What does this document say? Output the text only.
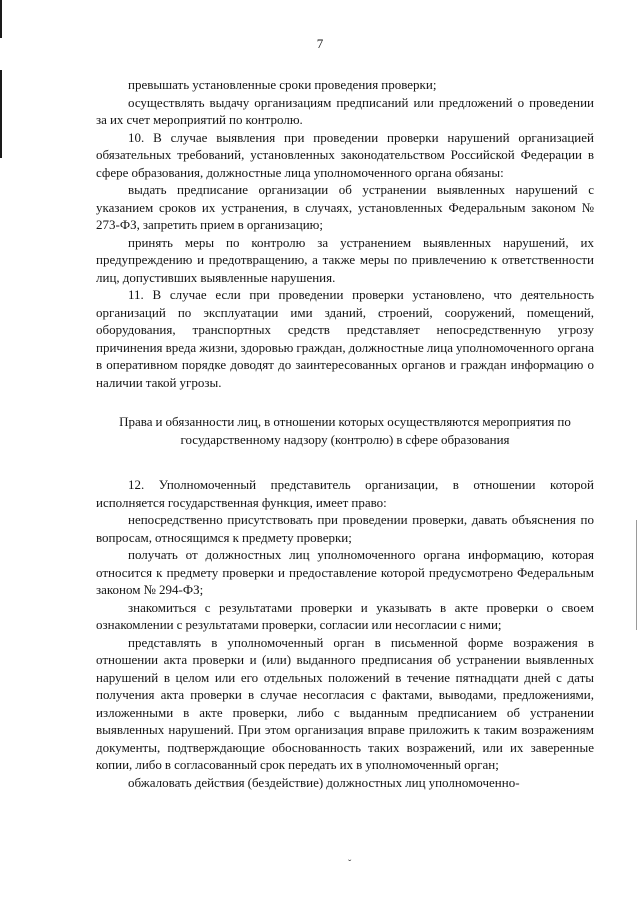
7

превышать установленные сроки проведения проверки;

осуществлять выдачу организациям предписаний или предложений о проведении за их счет мероприятий по контролю.

10. В случае выявления при проведении проверки нарушений организацией обязательных требований, установленных законодательством Российской Федерации в сфере образования, должностные лица уполномоченного органа обязаны:

выдать предписание организации об устранении выявленных нарушений с указанием сроков их устранения, в случаях, установленных Федеральным законом № 273-ФЗ, запретить прием в организацию;

принять меры по контролю за устранением выявленных нарушений, их предупреждению и предотвращению, а также меры по привлечению к ответственности лиц, допустивших выявленные нарушения.

11. В случае если при проведении проверки установлено, что деятельность организаций по эксплуатации ими зданий, строений, сооружений, помещений, оборудования, транспортных средств представляет непосредственную угрозу причинения вреда жизни, здоровью граждан, должностные лица уполномоченного органа в оперативном порядке доводят до заинтересованных органов и граждан информацию о наличии такой угрозы.

Права и обязанности лиц, в отношении которых осуществляются мероприятия по государственному надзору (контролю) в сфере образования

12. Уполномоченный представитель организации, в отношении которой исполняется государственная функция, имеет право:

непосредственно присутствовать при проведении проверки, давать объяснения по вопросам, относящимся к предмету проверки;

получать от должностных лиц уполномоченного органа информацию, которая относится к предмету проверки и предоставление которой предусмотрено Федеральным законом № 294-ФЗ;

знакомиться с результатами проверки и указывать в акте проверки о своем ознакомлении с результатами проверки, согласии или несогласии с ними;

представлять в уполномоченный орган в письменной форме возражения в отношении акта проверки и (или) выданного предписания об устранении выявленных нарушений в целом или его отдельных положений в течение пятнадцати дней с даты получения акта проверки в случае несогласия с фактами, выводами, предложениями, изложенными в акте проверки, либо с выданным предписанием об устранении выявленных нарушений. При этом организация вправе приложить к таким возражениям документы, подтверждающие обоснованность таких возражений, или их заверенные копии, либо в согласованный срок передать их в уполномоченный орган;

обжаловать действия (бездействие) должностных лиц уполномоченно-

ˇ
